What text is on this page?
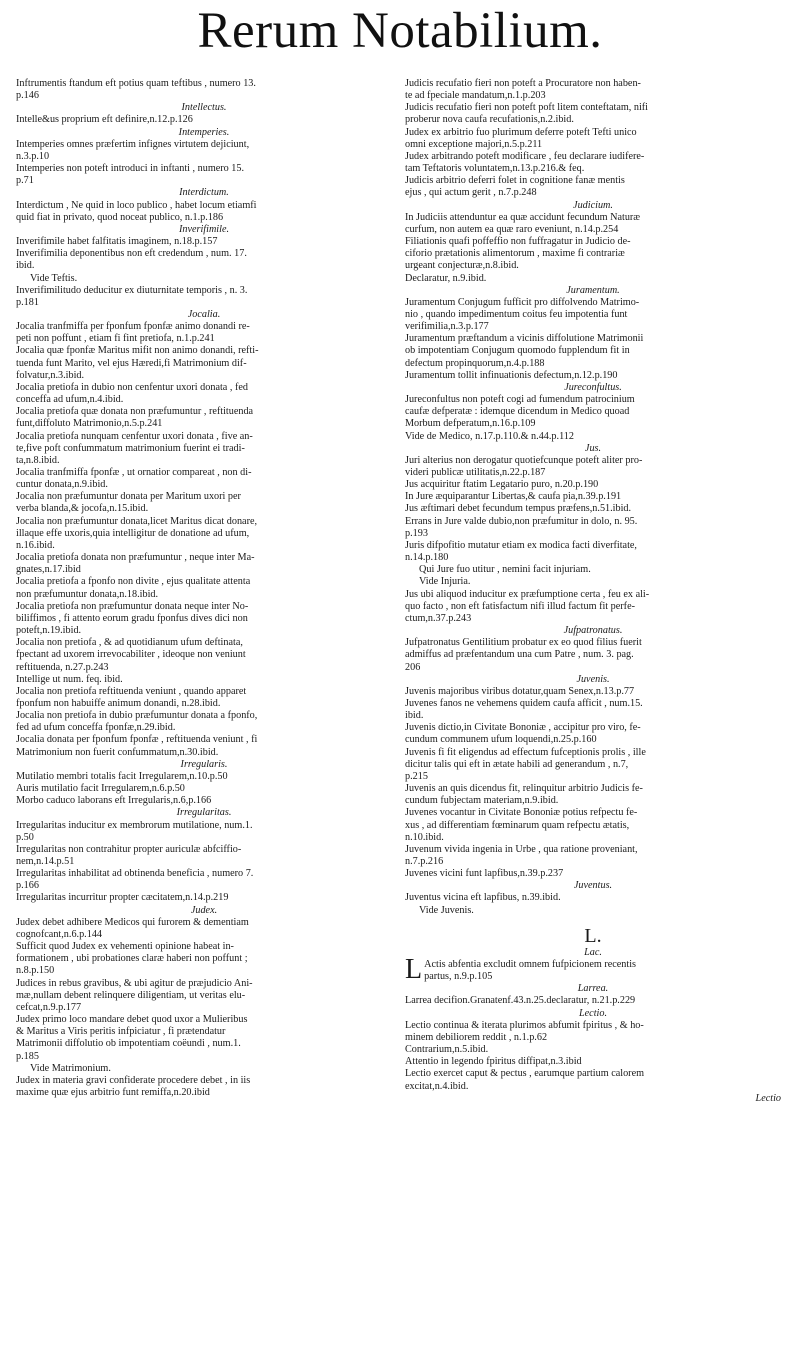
Rerum Notabilium.
Inftrumentis ftandum eft potius quam teftibus , numero 13.
p.146
Intellectus.
Intelle&us proprium eft definire,n.12.p.126
Intemperies.
Intemperies omnes præfertim infignes virtutem dejiciunt,
n.3.p.10
Intemperies non poteft introduci in inftanti , numero 15.
p.71
Interdictum.
Interdictum , Ne quid in loco publico , habet locum etiamfi
quid fiat in privato, quod noceat publico, n.1.p.186
Inverifimile.
Inverifimile habet falfitatis imaginem, n.18.p.157
Inverifimilia deponentibus non eft credendum , num. 17.
ibid.
Vide Teftis.
Inverifimilitudo deducitur ex diuturnitate temporis , n. 3.
p.181
Jocalia.
Jocalia tranfmiffa per fponfum fponfæ animo donandi re-
peti non poffunt , etiam fi fint pretiofa, n.1.p.241
Jocalia quæ fponfæ Maritus mifit non animo donandi, refti-
tuenda funt Marito, vel ejus Hæredi,fi Matrimonium dif-
folvatur,n.3.ibid.
Jocalia pretiofa in dubio non cenfentur uxori donata , fed
conceffa ad ufum,n.4.ibid.
Jocalia pretiofa quæ donata non præfumuntur , reftituenda
funt,diffoluto Matrimonio,n.5.p.241
Jocalia pretiofa nunquam cenfentur uxori donata , five an-
te,five poft confummatum matrimonium fuerint ei tradi-
ta,n.8.ibid.
Jocalia tranfmiffa fponfæ , ut ornatior compareat , non di-
cuntur donata,n.9.ibid.
Jocalia non præfumuntur donata per Maritum uxori per
verba blanda,& jocofa,n.15.ibid.
Jocalia non præfumuntur donata,licet Maritus dicat donare,
illaque effe uxoris,quia intelligitur de donatione ad ufum,
n.16.ibid.
Jocalia pretiofa donata non præfumuntur , neque inter Ma-
gnates,n.17.ibid
Jocalia pretiofa a fponfo non divite , ejus qualitate attenta
non præfumuntur donata,n.18.ibid.
Jocalia pretiofa non præfumuntur donata neque inter No-
biliffimos , fi attento eorum gradu fponfus dives dici non
poteft,n.19.ibid.
Jocalia non pretiofa , & ad quotidianum ufum deftinata,
fpectant ad uxorem irrevocabiliter , ideoque non veniunt
reftituenda, n.27.p.243
Intellige ut num. feq. ibid.
Jocalia non pretiofa reftituenda veniunt , quando apparet
fponfum non habuiffe animum donandi, n.28.ibid.
Jocalia non pretiofa in dubio præfumuntur donata a fponfo,
fed ad ufum conceffa fponfæ,n.29.ibid.
Jocalia donata per fponfum fponfæ , reftituenda veniunt , fi
Matrimonium non fuerit confummatum,n.30.ibid.
Irregularis.
Mutilatio membri totalis facit Irregularem,n.10.p.50
Auris mutilatio facit Irregularem,n.6.p.50
Morbo caduco laborans eft Irregularis,n.6,p.166
Irregularitas.
Irregularitas inducitur ex membrorum mutilatione, num.1.
p.50
Irregularitas non contrahitur propter auriculæ abfciffio-
nem,n.14.p.51
Irregularitas inhabilitat ad obtinenda beneficia , numero 7.
p.166
Irregularitas incurritur propter cæcitatem,n.14.p.219
Judex.
Judex debet adhibere Medicos qui furorem & dementiam
cognofcant,n.6.p.144
Sufficit quod Judex ex vehementi opinione habeat in-
formationem , ubi probationes claræ haberi non poffunt ;
n.8.p.150
Judices in rebus gravibus, & ubi agitur de præjudicio Ani-
mæ,nullam debent relinquere diligentiam, ut veritas elu-
cefcat,n.9.p.177
Judex primo loco mandare debet quod uxor a Mulieribus
& Maritus a Viris peritis infpiciatur , fi prætendatur
Matrimonii diffolutio ob impotentiam coëundi , num.1.
p.185
Vide Matrimonium.
Judex in materia gravi confiderate procedere debet , in iis
maxime quæ ejus arbitrio funt remiffa,n.20.ibid
Judicis recufatio fieri non poteft a Procuratore non haben-
te ad fpeciale mandatum,n.1.p.203
Judicis recufatio fieri non poteft poft litem conteftatam, nifi
proberur nova caufa recufationis,n.2.ibid.
Judex ex arbitrio fuo plurimum deferre poteft Tefti unico
omni exceptione majori,n.5.p.211
Judex arbitrando poteft modificare , feu declarare iudifere-
tam Teftatoris voluntatem,n.13.p.216.& feq.
Judicis arbitrio deferri folet in cognitione fanæ mentis
ejus , qui actum gerit , n.7.p.248
Judicium.
In Judiciis attenduntur ea quæ accidunt fecundum Naturæ
curfum, non autem ea quæ raro eveniunt, n.14.p.254
Filiationis quafi poffeffio non fuffragatur in Judicio de-
ciforio prætationis alimentorum , maxime fi contrariæ
urgeant conjecturæ,n.8.ibid.
Declaratur, n.9.ibid.
Juramentum.
Juramentum Conjugum fufficit pro diffolvendo Matrimo-
nio , quando impedimentum coitus feu impotentia funt
verifimilia,n.3.p.177
Juramentum præftandum a vicinis diffolutione Matrimonii
ob impotentiam Conjugum quomodo fupplendum fit in
defectum propinquorum,n.4.p.188
Juramentum tollit infinuationis defectum,n.12.p.190
Jureconfultus.
Jureconfultus non poteft cogi ad fumendum patrocinium
caufæ defperatæ : idemque dicendum in Medico quoad
Morbum defperatum,n.16.p.109
Vide de Medico, n.17.p.110.& n.44.p.112
Jus.
Juri alterius non derogatur quotiefcunque poteft aliter pro-
videri publicæ utilitatis,n.22.p.187
Jus acquiritur ftatim Legatario puro, n.20.p.190
In Jure æquiparantur Libertas,& caufa pia,n.39.p.191
Jus æftimari debet fecundum tempus præfens,n.51.ibid.
Errans in Jure valde dubio,non præfumitur in dolo, n. 95.
p.193
Juris difpofitio mutatur etiam ex modica facti diverfitate,
n.14.p.180
Qui Jure fuo utitur , nemini facit injuriam.
Vide Injuria.
Jus ubi aliquod inducitur ex præfumptione certa , feu ex ali-
quo facto , non eft fatisfactum nifi illud factum fit perfe-
ctum,n.37.p.243
Jufpatronatus.
Jufpatronatus Gentilitium probatur ex eo quod filius fuerit
admiffus ad præfentandum una cum Patre , num. 3. pag.
206
Juvenis.
Juvenis majoribus viribus dotatur,quam Senex,n.13.p.77
Juvenes fanos ne vehemens quidem caufa afficit , num.15.
ibid.
Juvenis dictio,in Civitate Bononiæ , accipitur pro viro, fe-
cundum communem ufum loquendi,n.25.p.160
Juvenis fi fit eligendus ad effectum fufceptionis prolis , ille
dicitur talis qui eft in ætate habili ad generandum , n.7,
p.215
Juvenis an quis dicendus fit, relinquitur arbitrio Judicis fe-
cundum fubjectam materiam,n.9.ibid.
Juvenes vocantur in Civitate Bononiæ potius refpectu fe-
xus , ad differentiam fœminarum quam refpectu ætatis,
n.10.ibid.
Juvenum vivida ingenia in Urbe , qua ratione proveniant,
n.7.p.216
Juvenes vicini funt lapfibus,n.39.p.237
Juventus.
Juventus vicina eft lapfibus, n.39.ibid.
Vide Juvenis.
L.
Lac.
L Actis abfentia excludit omnem fufpicionem recentis
partus, n.9.p.105
Larrea.
Larrea decifion.Granatenf.43.n.25.declaratur, n.21.p.229
Lectio.
Lectio continua & iterata plurimos abfumit fpiritus , & ho-
minem debiliorem reddit , n.1.p.62
Contrarium,n.5.ibid.
Attentio in legendo fpiritus diffipat,n.3.ibid
Lectio exercet caput & pectus , earumque partium calorem
excitat,n.4.ibid.
Lectio
